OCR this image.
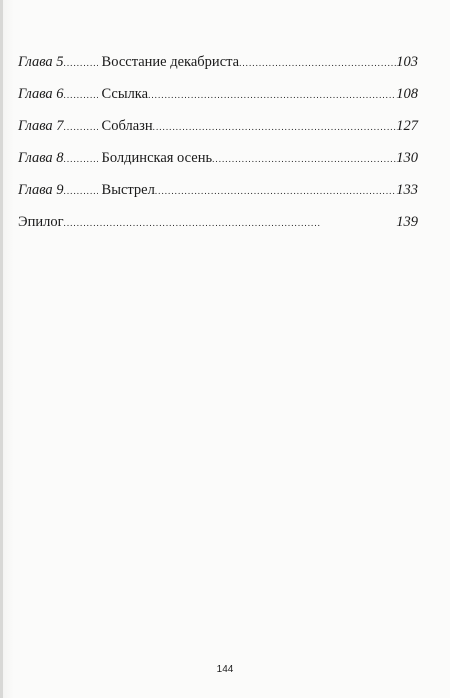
Глава 5 . . .	Восстание декабриста . . .	103
Глава 6 . . .	Ссылка . . .	108
Глава 7 . . .	Соблазн . . .	127
Глава 8 . . .	Болдинская осень . . .	130
Глава 9 . . .	Выстрел . . .	133
Эпилог . . .	139
144
